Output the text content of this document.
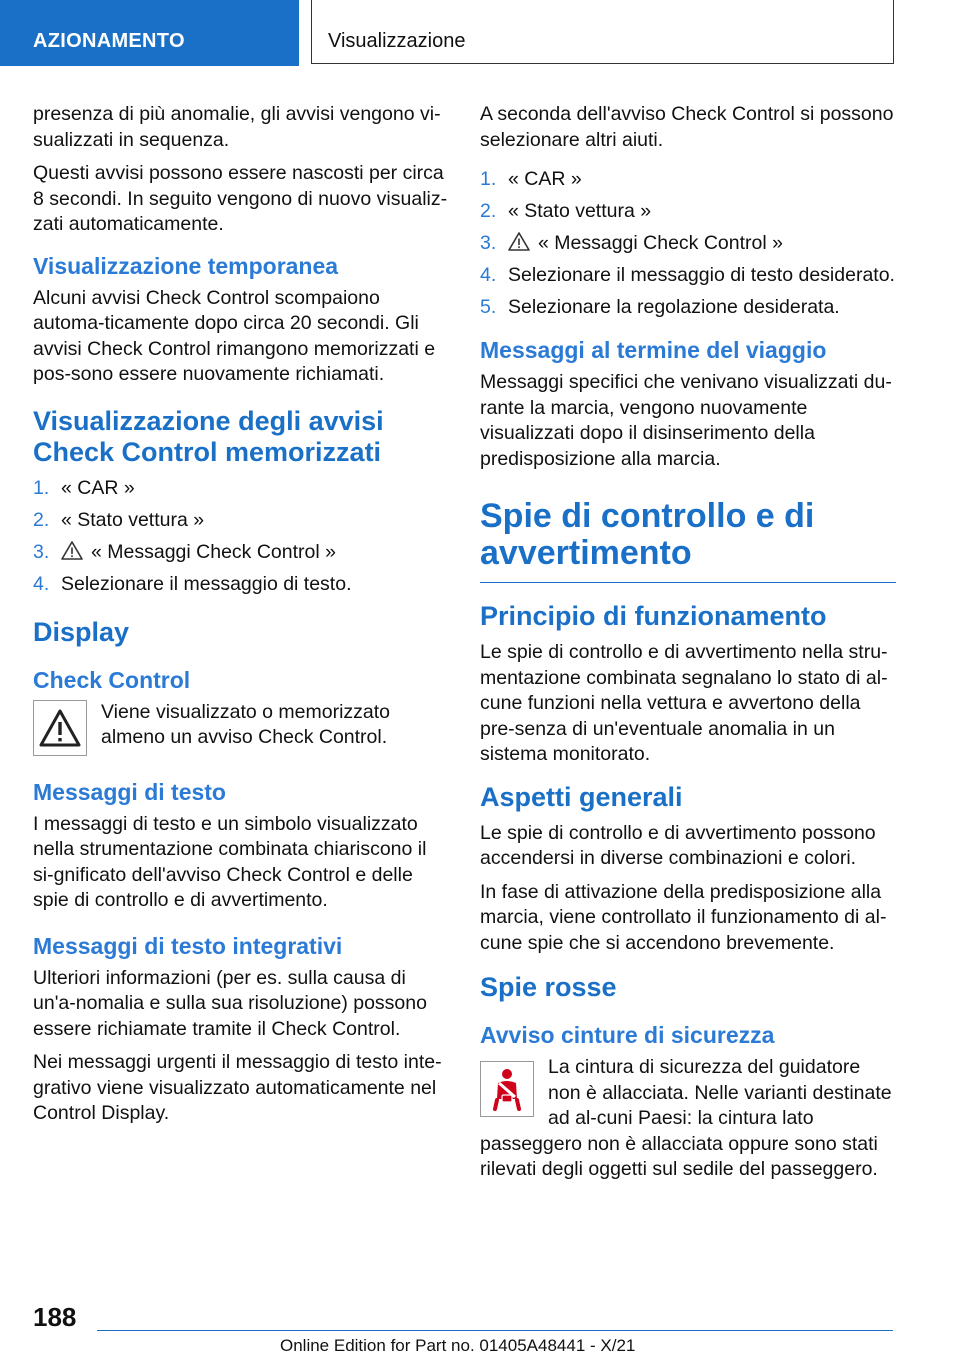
AZIONAMENTO	Visualizzazione

presenza di più anomalie, gli avvisi vengono vi-sualizzati in sequenza.

Questi avvisi possono essere nascosti per circa 8 secondi. In seguito vengono di nuovo visualiz-zati automaticamente.

Visualizzazione temporanea

Alcuni avvisi Check Control scompaiono automa-ticamente dopo circa 20 secondi. Gli avvisi Check Control rimangono memorizzati e pos-sono essere nuovamente richiamati.

Visualizzazione degli avvisi Check Control memorizzati
1. « CAR »
2. « Stato vettura »
3. « Messaggi Check Control »
4. Selezionare il messaggio di testo.
Display
Check Control

Viene visualizzato o memorizzato almeno un avviso Check Control.

Messaggi di testo

I messaggi di testo e un simbolo visualizzato nella strumentazione combinata chiariscono il si-gnificato dell'avviso Check Control e delle spie di controllo e di avvertimento.

Messaggi di testo integrativi

Ulteriori informazioni (per es. sulla causa di un'a-nomalia e sulla sua risoluzione) possono essere richiamate tramite il Check Control.

Nei messaggi urgenti il messaggio di testo inte-grativo viene visualizzato automaticamente nel Control Display.

A seconda dell'avviso Check Control si possono selezionare altri aiuti.

1. « CAR »
2. « Stato vettura »
3. « Messaggi Check Control »
4. Selezionare il messaggio di testo desiderato.
5. Selezionare la regolazione desiderata.
Messaggi al termine del viaggio

Messaggi specifici che venivano visualizzati du-rante la marcia, vengono nuovamente visualizzati dopo il disinserimento della predisposizione alla marcia.

Spie di controllo e di avvertimento
Principio di funzionamento

Le spie di controllo e di avvertimento nella stru-mentazione combinata segnalano lo stato di al-cune funzioni nella vettura e avvertono della pre-senza di un'eventuale anomalia in un sistema monitorato.

Aspetti generali

Le spie di controllo e di avvertimento possono accendersi in diverse combinazioni e colori.

In fase di attivazione della predisposizione alla marcia, viene controllato il funzionamento di al-cune spie che si accendono brevemente.

Spie rosse
Avviso cinture di sicurezza

La cintura di sicurezza del guidatore non è allacciata. Nelle varianti destinate ad al-cuni Paesi: la cintura lato passeggero non è allacciata oppure sono stati rilevati degli oggetti sul sedile del passeggero.

188
Online Edition for Part no. 01405A48441 - X/21
